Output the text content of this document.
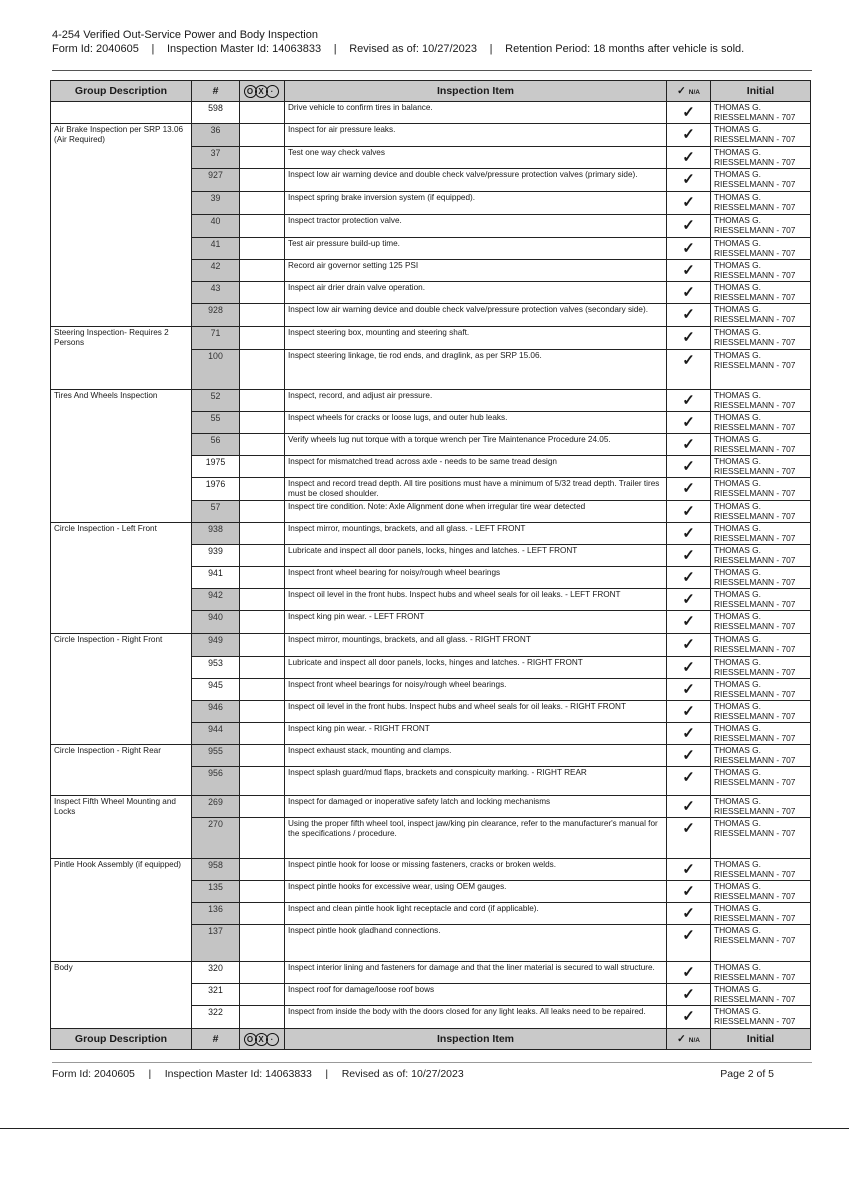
4-254 Verified Out-Service Power and Body Inspection
Form Id: 2040605 | Inspection Master Id: 14063833 | Revised as of: 10/27/2023 | Retention Period: 18 months after vehicle is sold.
Group Description	#	O X ·	Inspection Item	✓ N/A	Initial
	598		Drive vehicle to confirm tires in balance.	✓	THOMAS G. RIESSELMANN - 707
Air Brake Inspection per SRP 13.06 (Air Required)	36		Inspect for air pressure leaks.	✓	THOMAS G. RIESSELMANN - 707
	37		Test one way check valves	✓	THOMAS G. RIESSELMANN - 707
	927		Inspect low air warning device and double check valve/pressure protection valves (primary side).	✓	THOMAS G. RIESSELMANN - 707
	39		Inspect spring brake inversion system (if equipped).	✓	THOMAS G. RIESSELMANN - 707
	40		Inspect tractor protection valve.	✓	THOMAS G. RIESSELMANN - 707
	41		Test air pressure build-up time.	✓	THOMAS G. RIESSELMANN - 707
	42		Record air governor setting 125 PSI	✓	THOMAS G. RIESSELMANN - 707
	43		Inspect air drier drain valve operation.	✓	THOMAS G. RIESSELMANN - 707
	928		Inspect low air warning device and double check valve/pressure protection valves (secondary side).	✓	THOMAS G. RIESSELMANN - 707
Steering Inspection- Requires 2 Persons	71		Inspect steering box, mounting and steering shaft.	✓	THOMAS G. RIESSELMANN - 707
	100		Inspect steering linkage, tie rod ends, and draglink, as per SRP 15.06.	✓	THOMAS G. RIESSELMANN - 707
Tires And Wheels Inspection	52		Inspect, record, and adjust air pressure.	✓	THOMAS G. RIESSELMANN - 707
	55		Inspect wheels for cracks or loose lugs, and outer hub leaks.	✓	THOMAS G. RIESSELMANN - 707
	56		Verify wheels lug nut torque with a torque wrench per Tire Maintenance Procedure 24.05.	✓	THOMAS G. RIESSELMANN - 707
	1975		Inspect for mismatched tread across axle - needs to be same tread design	✓	THOMAS G. RIESSELMANN - 707
	1976		Inspect and record tread depth. All tire positions must have a minimum of 5/32 tread depth. Trailer tires must be closed shoulder.	✓	THOMAS G. RIESSELMANN - 707
	57		Inspect tire condition. Note: Axle Alignment done when irregular tire wear detected	✓	THOMAS G. RIESSELMANN - 707
Circle Inspection - Left Front	938		Inspect mirror, mountings, brackets, and all glass. - LEFT FRONT	✓	THOMAS G. RIESSELMANN - 707
	939		Lubricate and inspect all door panels, locks, hinges and latches. - LEFT FRONT	✓	THOMAS G. RIESSELMANN - 707
	941		Inspect front wheel bearing for noisy/rough wheel bearings	✓	THOMAS G. RIESSELMANN - 707
	942		Inspect oil level in the front hubs. Inspect hubs and wheel seals for oil leaks. - LEFT FRONT	✓	THOMAS G. RIESSELMANN - 707
	940		Inspect king pin wear. - LEFT FRONT	✓	THOMAS G. RIESSELMANN - 707
Circle Inspection - Right Front	949		Inspect mirror, mountings, brackets, and all glass. - RIGHT FRONT	✓	THOMAS G. RIESSELMANN - 707
	953		Lubricate and inspect all door panels, locks, hinges and latches. - RIGHT FRONT	✓	THOMAS G. RIESSELMANN - 707
	945		Inspect front wheel bearings for noisy/rough wheel bearings.	✓	THOMAS G. RIESSELMANN - 707
	946		Inspect oil level in the front hubs. Inspect hubs and wheel seals for oil leaks. - RIGHT FRONT	✓	THOMAS G. RIESSELMANN - 707
	944		Inspect king pin wear. - RIGHT FRONT	✓	THOMAS G. RIESSELMANN - 707
Circle Inspection - Right Rear	955		Inspect exhaust stack, mounting and clamps.	✓	THOMAS G. RIESSELMANN - 707
	956		Inspect splash guard/mud flaps, brackets and conspicuity marking. - RIGHT REAR	✓	THOMAS G. RIESSELMANN - 707
Inspect Fifth Wheel Mounting and Locks	269		Inspect for damaged or inoperative safety latch and locking mechanisms	✓	THOMAS G. RIESSELMANN - 707
	270		Using the proper fifth wheel tool, inspect jaw/king pin clearance, refer to the manufacturer's manual for the specifications / procedure.	✓	THOMAS G. RIESSELMANN - 707
Pintle Hook Assembly (if equipped)	958		Inspect pintle hook for loose or missing fasteners, cracks or broken welds.	✓	THOMAS G. RIESSELMANN - 707
	135		Inspect pintle hooks for excessive wear, using OEM gauges.	✓	THOMAS G. RIESSELMANN - 707
	136		Inspect and clean pintle hook light receptacle and cord (if applicable).	✓	THOMAS G. RIESSELMANN - 707
	137		Inspect pintle hook gladhand connections.	✓	THOMAS G. RIESSELMANN - 707
Body	320		Inspect interior lining and fasteners for damage and that the liner material is secured to wall structure.	✓	THOMAS G. RIESSELMANN - 707
	321		Inspect roof for damage/loose roof bows	✓	THOMAS G. RIESSELMANN - 707
	322		Inspect from inside the body with the doors closed for any light leaks. All leaks need to be repaired.	✓	THOMAS G. RIESSELMANN - 707
Group Description	#	O X ·	Inspection Item	✓ N/A	Initial
Form Id: 2040605 | Inspection Master Id: 14063833 | Revised as of: 10/27/2023	Page 2 of 5
